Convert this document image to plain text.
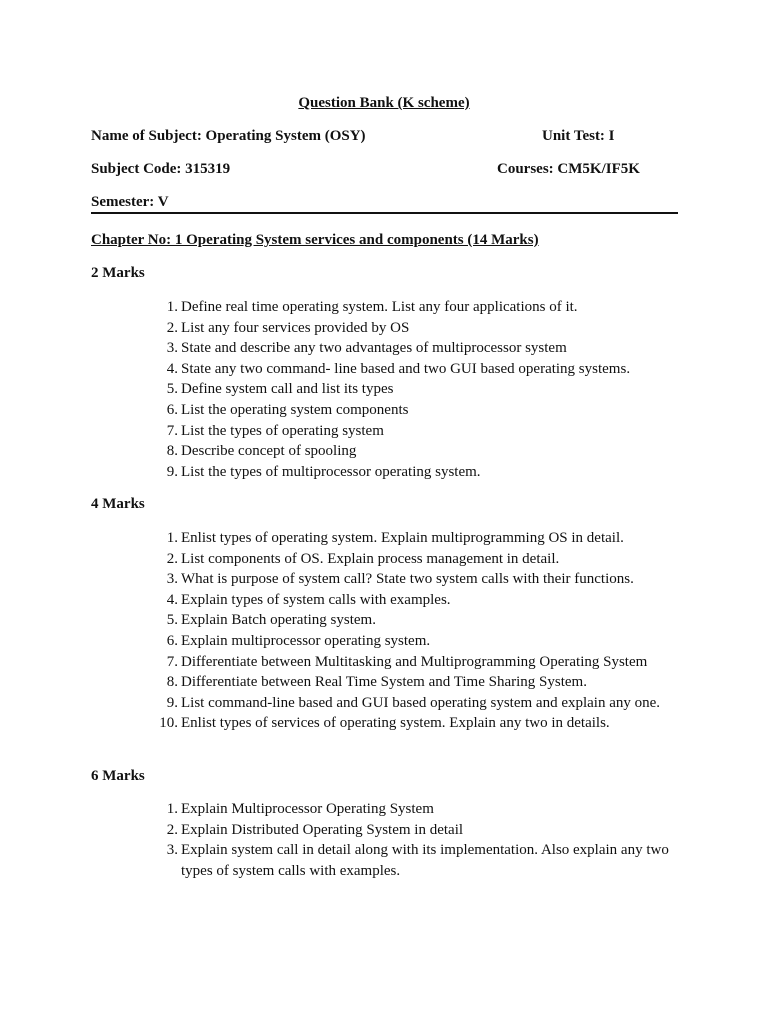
Question Bank (K scheme)
Name of Subject: Operating System (OSY)	Unit Test: I
Subject Code: 315319	Courses: CM5K/IF5K
Semester: V
Chapter No: 1 Operating System services and components (14 Marks)
2 Marks
1. Define real time operating system. List any four applications of it.
2. List any four services provided by OS
3. State and describe any two advantages of multiprocessor system
4. State any two command- line based and two GUI based operating systems.
5. Define system call and list its types
6. List the operating system components
7. List the types of operating system
8. Describe concept of spooling
9. List the types of multiprocessor operating system.
4 Marks
1. Enlist types of operating system. Explain multiprogramming OS in detail.
2. List components of OS. Explain process management in detail.
3. What is purpose of system call? State two system calls with their functions.
4. Explain types of system calls with examples.
5. Explain Batch operating system.
6. Explain multiprocessor operating system.
7. Differentiate between Multitasking and Multiprogramming Operating System
8. Differentiate between Real Time System and Time Sharing System.
9. List command-line based and GUI based operating system and explain any one.
10. Enlist types of services of operating system. Explain any two in details.
6 Marks
1. Explain Multiprocessor Operating System
2. Explain Distributed Operating System in detail
3. Explain system call in detail along with its implementation. Also explain any two types of system calls with examples.
